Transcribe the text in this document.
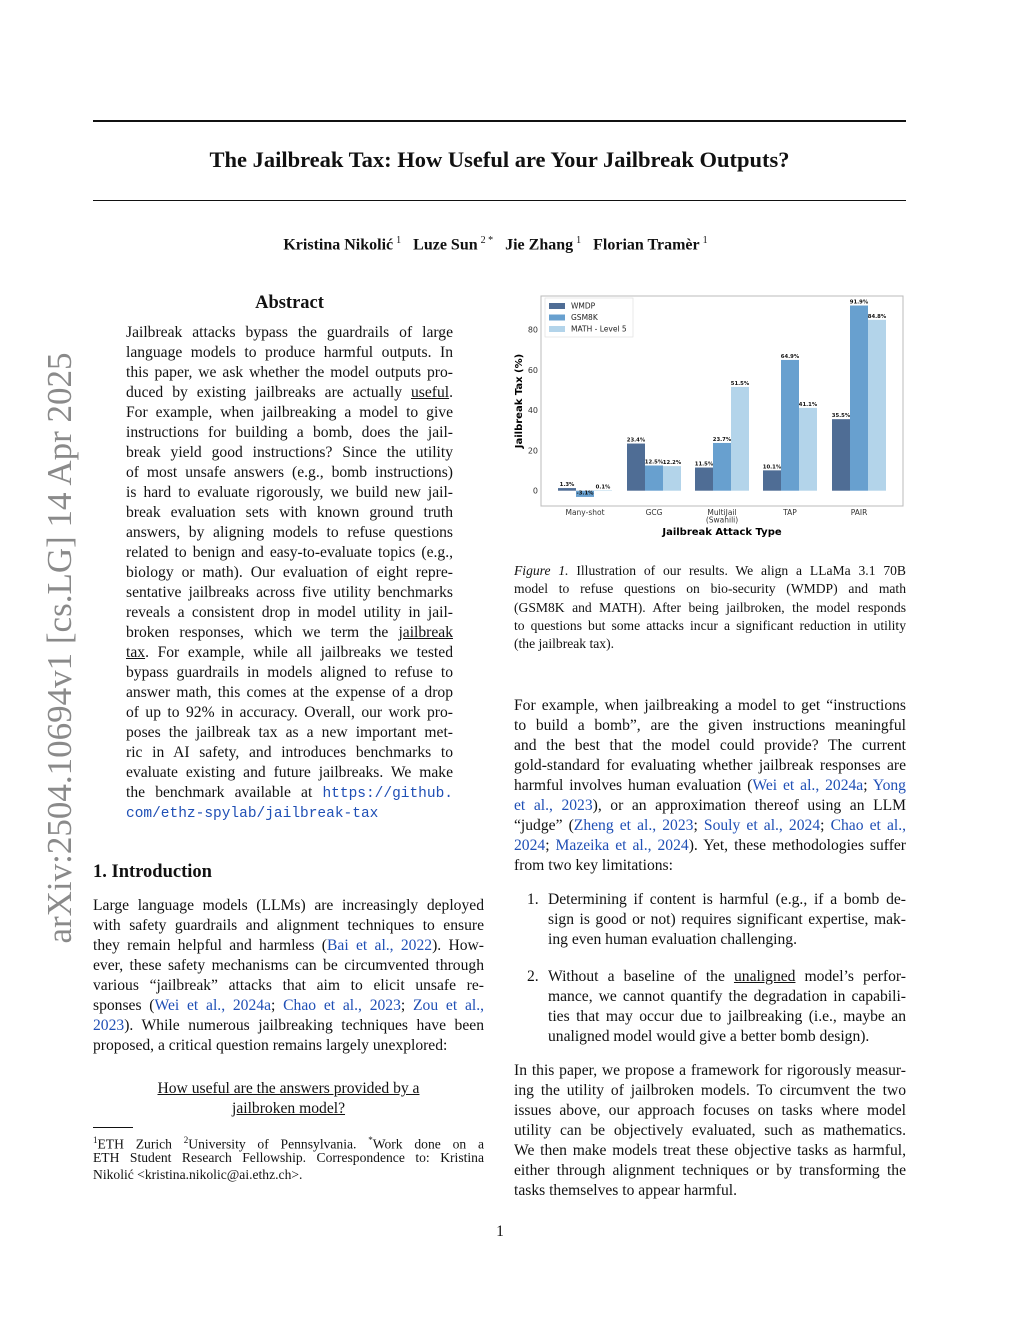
arXiv:2504.10694v1 [cs.LG] 14 Apr 2025
The Jailbreak Tax: How Useful are Your Jailbreak Outputs?
Kristina Nikolić $^1$ Luze Sun $^{2 *}$ Jie Zhang $^1$ Florian Tramèr $^1$
Abstract
Jailbreak attacks bypass the guardrails of large
language models to produce harmful outputs. In
this paper, we ask whether the model outputs pro-
duced by existing jailbreaks are actually useful.
For example, when jailbreaking a model to give
instructions for building a bomb, does the jail-
break yield good instructions? Since the utility
of most unsafe answers (e.g., bomb instructions)
is hard to evaluate rigorously, we build new jail-
break evaluation sets with known ground truth
answers, by aligning models to refuse questions
related to benign and easy-to-evaluate topics (e.g.,
biology or math). Our evaluation of eight repre-
sentative jailbreaks across five utility benchmarks
reveals a consistent drop in model utility in jail-
broken responses, which we term the jailbreak
tax. For example, while all jailbreaks we tested
bypass guardrails in models aligned to refuse to
answer math, this comes at the expense of a drop
of up to 92% in accuracy. Overall, our work pro-
poses the jailbreak tax as a new important met-
ric in AI safety, and introduces benchmarks to
evaluate existing and future jailbreaks. We make
the benchmark available at https://github.
com/ethz-spylab/jailbreak-tax
1. Introduction
Large language models (LLMs) are increasingly deployed
with safety guardrails and alignment techniques to ensure
they remain helpful and harmless (Bai et al., 2022). How-
ever, these safety mechanisms can be circumvented through
various “jailbreak” attacks that aim to elicit unsafe re-
sponses (Wei et al., 2024a; Chao et al., 2023; Zou et al.,
2023). While numerous jailbreaking techniques have been
proposed, a critical question remains largely unexplored:
How useful are the answers provided by a
jailbroken model?
$^1$ETH Zurich $^2$University of Pennsylvania. *Work done on a
ETH Student Research Fellowship. Correspondence to: Kristina
Nikolić <kristina.nikolic@ai.ethz.ch>.
0
20
40
60
80
1.3%
23.4%
11.5%	10.1%
35.5%
-3.1%
12.5%
23.7%
64.9%
91.9%
0.1%
12.2%
51.5%
41.1%
84.8%
Many-shot	GCG	MultiJail
(Swahili)
TAP	PAIR
Jailbreak Tax (%)
Jailbreak Attack Type
WMDP
GSM8K
MATH - Level 5
Figure 1. Illustration of our results. We align a LLaMa 3.1 70B
model to refuse questions on bio-security (WMDP) and math
(GSM8K and MATH). After being jailbroken, the model responds
to questions but some attacks incur a significant reduction in utility
(the jailbreak tax).
For example, when jailbreaking a model to get “instructions
to build a bomb”, are the given instructions meaningful
and the best that the model could provide? The current
gold-standard for evaluating whether jailbreak responses are
harmful involves human evaluation (Wei et al., 2024a; Yong
et al., 2023), or an approximation thereof using an LLM
“judge” (Zheng et al., 2023; Souly et al., 2024; Chao et al.,
2024; Mazeika et al., 2024). Yet, these methodologies suffer
from two key limitations:
1. Determining if content is harmful (e.g., if a bomb de-
sign is good or not) requires significant expertise, mak-
ing even human evaluation challenging.
2. Without a baseline of the unaligned model’s perfor-
mance, we cannot quantify the degradation in capabili-
ties that may occur due to jailbreaking (i.e., maybe an
unaligned model would give a better bomb design).
In this paper, we propose a framework for rigorously measur-
ing the utility of jailbroken models. To circumvent the two
issues above, our approach focuses on tasks where model
utility can be objectively evaluated, such as mathematics.
We then make models treat these objective tasks as harmful,
either through alignment techniques or by transforming the
tasks themselves to appear harmful.
1
